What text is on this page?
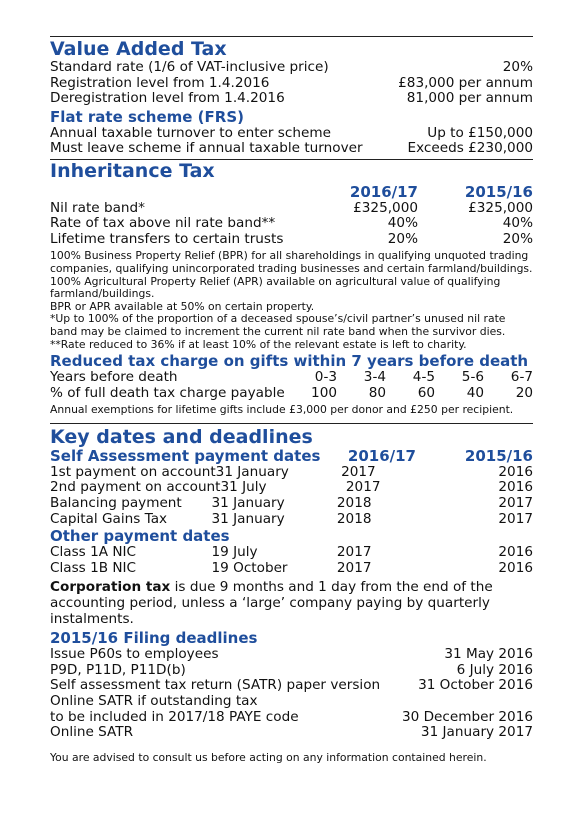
Value Added Tax
Standard rate (1/6 of VAT-inclusive price)	20%
Registration level from 1.4.2016	£83,000 per annum
Deregistration level from 1.4.2016	81,000 per annum
Flat rate scheme (FRS)
Annual taxable turnover to enter scheme	Up to £150,000
Must leave scheme if annual taxable turnover	Exceeds £230,000
Inheritance Tax
2016/17	2015/16
Nil rate band*	£325,000	£325,000
Rate of tax above nil rate band**	40%	40%
Lifetime transfers to certain trusts	20%	20%
100% Business Property Relief (BPR) for all shareholdings in qualifying unquoted trading companies, qualifying unincorporated trading businesses and certain farmland/buildings.
100% Agricultural Property Relief (APR) available on agricultural value of qualifying farmland/buildings.
BPR or APR available at 50% on certain property.
*Up to 100% of the proportion of a deceased spouse’s/civil partner’s unused nil rate band may be claimed to increment the current nil rate band when the survivor dies.
**Rate reduced to 36% if at least 10% of the relevant estate is left to charity.
Reduced tax charge on gifts within 7 years before death
Years before death	0-3	3-4	4-5	5-6	6-7
% of full death tax charge payable	100	80	60	40	20
Annual exemptions for lifetime gifts include £3,000 per donor and £250 per recipient.
Key dates and deadlines
Self Assessment payment dates	2016/17	2015/16
1st payment on account 31 January	2017	2016
2nd payment on account 31 July	2017	2016
Balancing payment	31 January	2018	2017
Capital Gains Tax	31 January	2018	2017
Other payment dates
Class 1A NIC	19 July	2017	2016
Class 1B NIC	19 October	2017	2016
Corporation tax is due 9 months and 1 day from the end of the accounting period, unless a ‘large’ company paying by quarterly instalments.
2015/16 Filing deadlines
Issue P60s to employees	31 May 2016
P9D, P11D, P11D(b)	6 July 2016
Self assessment tax return (SATR) paper version	31 October 2016
Online SATR if outstanding tax
to be included in 2017/18 PAYE code	30 December 2016
Online SATR	31 January 2017
You are advised to consult us before acting on any information contained herein.
